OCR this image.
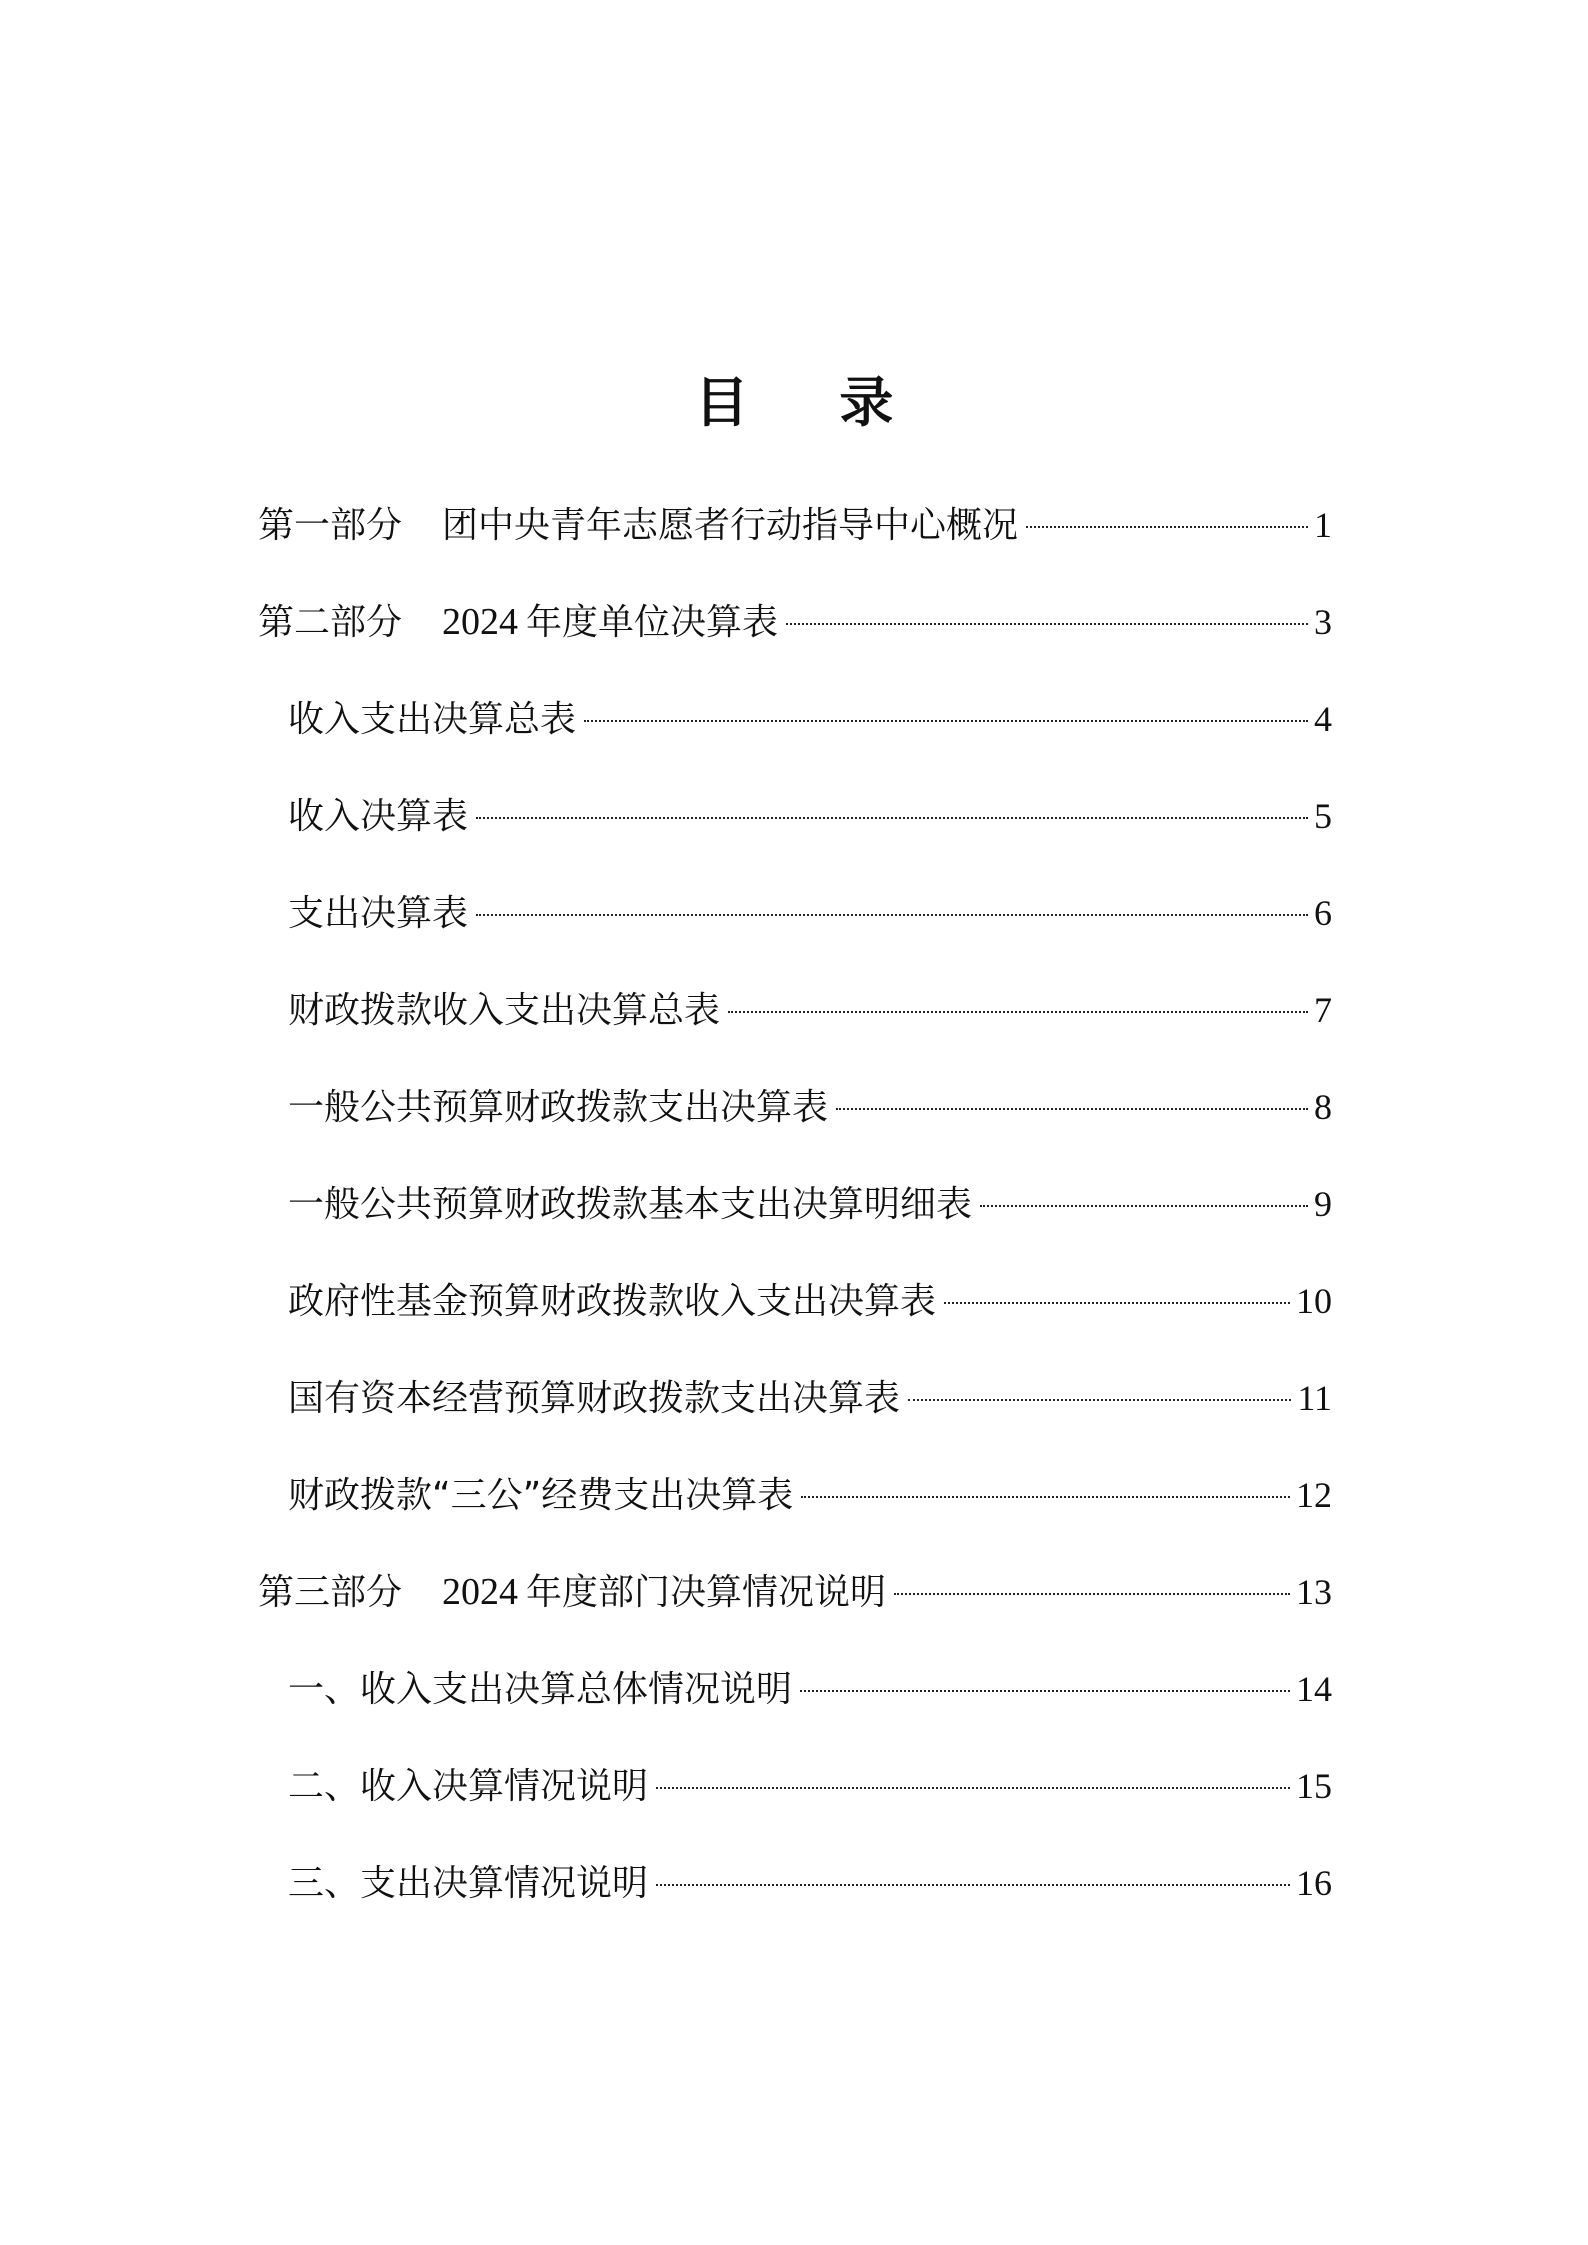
目 录
第一部分 团中央青年志愿者行动指导中心概况	1
第二部分 2024 年度单位决算表	3
收入支出决算总表	4
收入决算表	5
支出决算表	6
财政拨款收入支出决算总表	7
一般公共预算财政拨款支出决算表	8
一般公共预算财政拨款基本支出决算明细表	9
政府性基金预算财政拨款收入支出决算表	10
国有资本经营预算财政拨款支出决算表	11
财政拨款“三公”经费支出决算表	12
第三部分 2024 年度部门决算情况说明	13
一、收入支出决算总体情况说明	14
二、收入决算情况说明	15
三、支出决算情况说明	16
